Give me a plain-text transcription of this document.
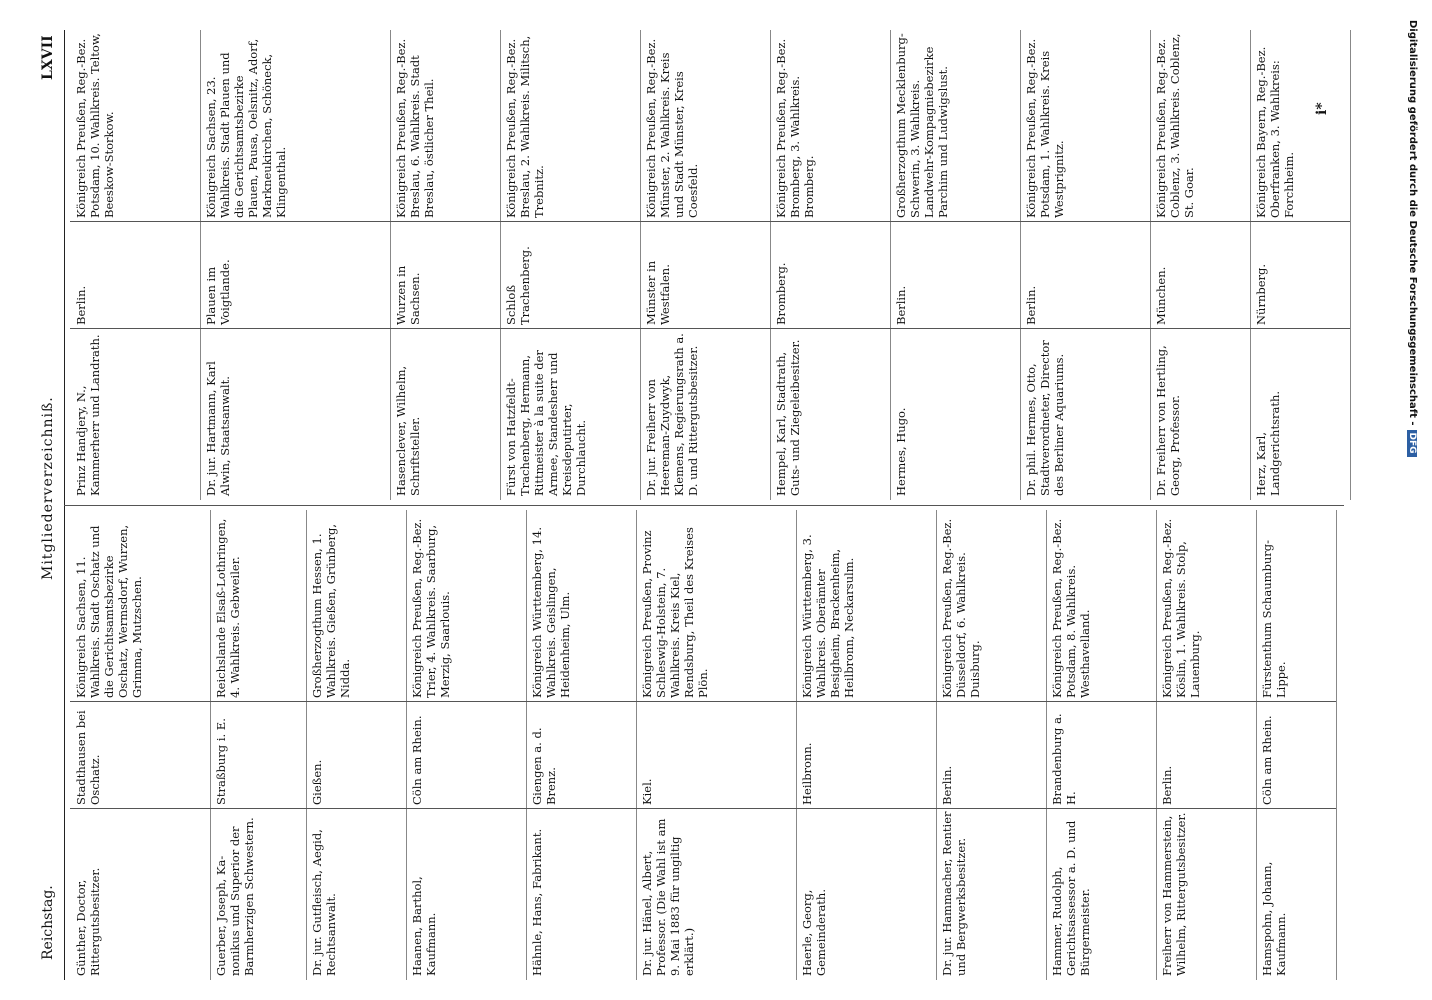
Reichstag.
Mitgliederverzeichniß.
LXVII
Günther, Doctor, Rittergutsbesitzer.
Stadthausen bei Oschatz.
Königreich Sachsen, 11. Wahlkreis. Stadt Oschatz und die Gerichtsamtsbezirke Oschatz, Wermsdorf, Wurzen, Grimma, Mutzschen.
Guerber, Joseph, Ka-nonikus und Superior der Barmherzigen Schwestern.
Straßburg i. E.
Reichslande Elsaß-Lothringen, 4. Wahlkreis. Gebweiler.
Dr. jur. Gutfleisch, Aegid, Rechtsanwalt.
Gießen.
Großherzogthum Hessen, 1. Wahlkreis. Gießen, Grünberg, Nidda.
Haanen, Barthol, Kaufmann.
Cöln am Rhein.
Königreich Preußen, Reg.-Bez. Trier, 4. Wahlkreis. Saarburg, Merzig, Saarlouis.
Hähnle, Hans, Fabrikant.
Giengen a. d. Brenz.
Königreich Württemberg, 14. Wahlkreis. Geislingen, Heidenheim, Ulm.
Dr. jur. Hänel, Albert, Professor. (Die Wahl ist am 9. Mai 1883 für ungiltig erklärt.)
Kiel.
Königreich Preußen, Provinz Schleswig-Holstein, 7. Wahlkreis. Kreis Kiel, Rendsburg, Theil des Kreises Plön.
Haerle, Georg, Gemeinderath.
Heilbronn.
Königreich Württemberg, 3. Wahlkreis. Oberämter Besigheim, Brackenheim, Heilbronn, Neckarsulm.
Dr. jur. Hammacher, Rentier und Bergwerksbesitzer.
Berlin.
Königreich Preußen, Reg.-Bez. Düsseldorf, 6. Wahlkreis. Duisburg.
Hammer, Rudolph, Gerichtsassessor a. D. und Bürgermeister.
Brandenburg a. H.
Königreich Preußen, Reg.-Bez. Potsdam, 8. Wahlkreis. Westhavelland.
Freiherr von Hammerstein, Wilhelm, Rittergutsbesitzer.
Berlin.
Königreich Preußen, Reg.-Bez. Köslin, 1. Wahlkreis. Stolp, Lauenburg.
Hamspohn, Johann, Kaufmann.
Cöln am Rhein.
Fürstenthum Schaumburg-Lippe.
Prinz Handjery, N., Kammerherr und Landrath.
Berlin.
Königreich Preußen, Reg.-Bez. Potsdam, 10. Wahlkreis. Teltow, Beeskow-Storkow.
Dr. jur. Hartmann, Karl Alwin, Staatsanwalt.
Plauen im Voigtlande.
Königreich Sachsen, 23. Wahlkreis. Stadt Plauen und die Gerichtsamtsbezirke Plauen, Pausa, Oelsnitz, Adorf, Markneukirchen, Schöneck, Klingenthal.
Hasenclever, Wilhelm, Schriftsteller.
Wurzen in Sachsen.
Königreich Preußen, Reg.-Bez. Breslau, 6. Wahlkreis. Stadt Breslau, östlicher Theil.
Fürst von Hatzfeldt-Trachenberg, Hermann, Rittmeister à la suite der Armee, Standesherr und Kreisdeputirter, Durchlaucht.
Schloß Trachenberg.
Königreich Preußen, Reg.-Bez. Breslau, 2. Wahlkreis. Militsch, Trebnitz.
Dr. jur. Freiherr von Heereman-Zuydwyk, Klemens, Regierungsrath a. D. und Rittergutsbesitzer.
Münster in Westfalen.
Königreich Preußen, Reg.-Bez. Münster, 2. Wahlkreis. Kreis und Stadt Münster, Kreis Coesfeld.
Hempel, Karl, Stadtrath, Guts- und Ziegeleibesitzer.
Bromberg.
Königreich Preußen, Reg.-Bez. Bromberg, 3. Wahlkreis. Bromberg.
Hermes, Hugo.
Berlin.
Großherzogthum Mecklenburg-Schwerin, 3. Wahlkreis. Landwehr-Kompagniebezirke Parchim und Ludwigslust.
Dr. phil. Hermes, Otto, Stadtverordneter, Director des Berliner Aquariums.
Berlin.
Königreich Preußen, Reg.-Bez. Potsdam, 1. Wahlkreis. Kreis Westprignitz.
Dr. Freiherr von Hertling, Georg, Professor.
München.
Königreich Preußen, Reg.-Bez. Coblenz, 3. Wahlkreis. Coblenz, St. Goar.
Herz, Karl, Landgerichtsrath.
Nürnberg.
Königreich Bayern, Reg.-Bez. Oberfranken, 3. Wahlkreis: Forchheim.
i*	Digitalisierung gefördert durch die Deutsche Forschungsgemeinschaft -DFG
